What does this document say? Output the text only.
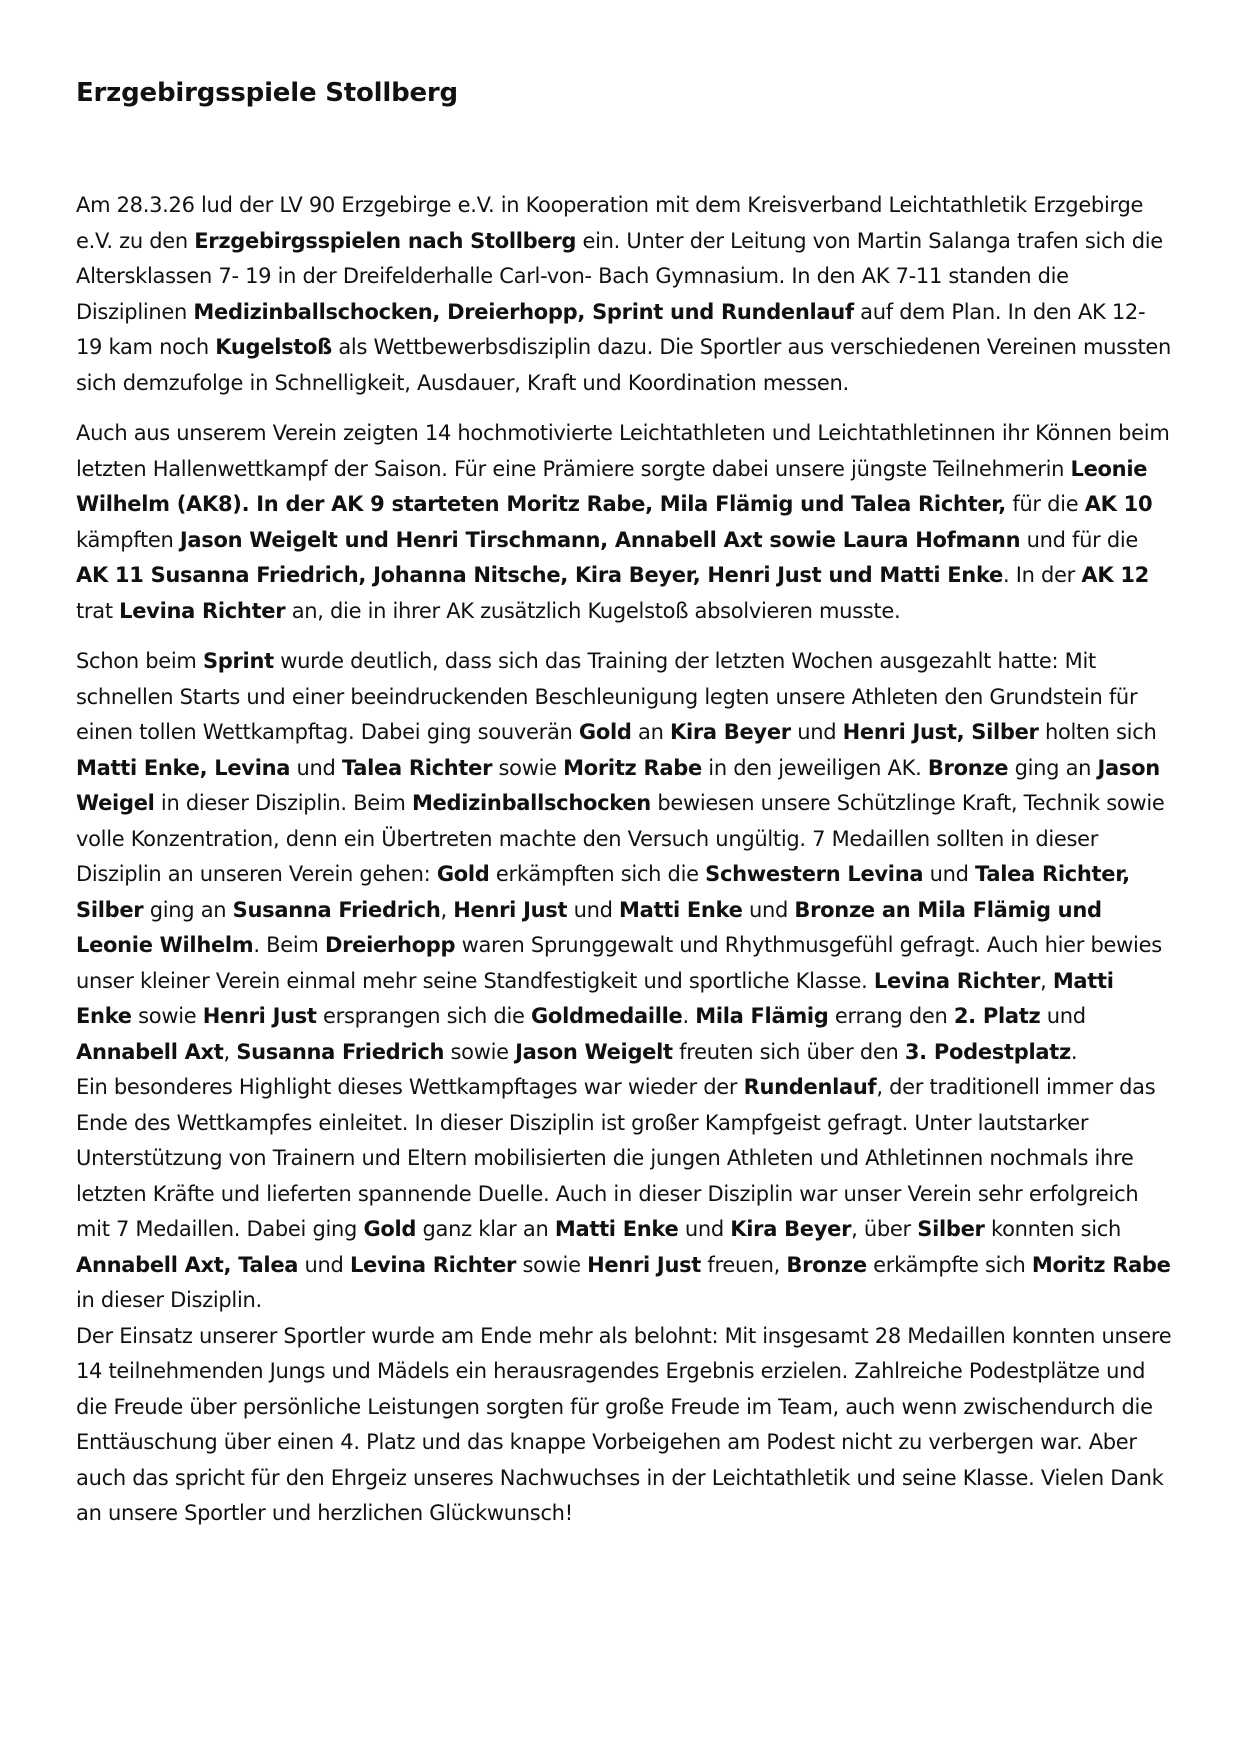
Erzgebirgsspiele Stollberg

Am 28.3.26 lud der LV 90 Erzgebirge e.V. in Kooperation mit dem Kreisverband Leichtathletik Erzgebirge e.V. zu den Erzgebirgsspielen nach Stollberg ein. Unter der Leitung von Martin Salanga trafen sich die Altersklassen 7- 19 in der Dreifelderhalle Carl-von- Bach Gymnasium. In den AK 7-11 standen die Disziplinen Medizinballschocken, Dreierhopp, Sprint und Rundenlauf auf dem Plan. In den AK 12- 19 kam noch Kugelstoß als Wettbewerbsdisziplin dazu. Die Sportler aus verschiedenen Vereinen mussten sich demzufolge in Schnelligkeit, Ausdauer, Kraft und Koordination messen.

Auch aus unserem Verein zeigten 14 hochmotivierte Leichtathleten und Leichtathletinnen ihr Können beim letzten Hallenwettkampf der Saison. Für eine Prämiere sorgte dabei unsere jüngste Teilnehmerin Leonie Wilhelm (AK8). In der AK 9 starteten Moritz Rabe, Mila Flämig und Talea Richter, für die AK 10 kämpften Jason Weigelt und Henri Tirschmann, Annabell Axt sowie Laura Hofmann und für die AK 11 Susanna Friedrich, Johanna Nitsche, Kira Beyer, Henri Just und Matti Enke. In der AK 12 trat Levina Richter an, die in ihrer AK zusätzlich Kugelstoß absolvieren musste.

Schon beim Sprint wurde deutlich, dass sich das Training der letzten Wochen ausgezahlt hatte: Mit schnellen Starts und einer beeindruckenden Beschleunigung legten unsere Athleten den Grundstein für einen tollen Wettkampftag. Dabei ging souverän Gold an Kira Beyer und Henri Just, Silber holten sich Matti Enke, Levina und Talea Richter sowie Moritz Rabe in den jeweiligen AK. Bronze ging an Jason Weigel in dieser Disziplin. Beim Medizinballschocken bewiesen unsere Schützlinge Kraft, Technik sowie volle Konzentration, denn ein Übertreten machte den Versuch ungültig. 7 Medaillen sollten in dieser Disziplin an unseren Verein gehen: Gold erkämpften sich die Schwestern Levina und Talea Richter, Silber ging an Susanna Friedrich, Henri Just und Matti Enke und Bronze an Mila Flämig und Leonie Wilhelm. Beim Dreierhopp waren Sprunggewalt und Rhythmusgefühl gefragt. Auch hier bewies unser kleiner Verein einmal mehr seine Standfestigkeit und sportliche Klasse. Levina Richter, Matti Enke sowie Henri Just ersprangen sich die Goldmedaille. Mila Flämig errang den 2. Platz und Annabell Axt, Susanna Friedrich sowie Jason Weigelt freuten sich über den 3. Podestplatz.

Ein besonderes Highlight dieses Wettkampftages war wieder der Rundenlauf, der traditionell immer das Ende des Wettkampfes einleitet. In dieser Disziplin ist großer Kampfgeist gefragt. Unter lautstarker Unterstützung von Trainern und Eltern mobilisierten die jungen Athleten und Athletinnen nochmals ihre letzten Kräfte und lieferten spannende Duelle. Auch in dieser Disziplin war unser Verein sehr erfolgreich mit 7 Medaillen. Dabei ging Gold ganz klar an Matti Enke und Kira Beyer, über Silber konnten sich Annabell Axt, Talea und Levina Richter sowie Henri Just freuen, Bronze erkämpfte sich Moritz Rabe in dieser Disziplin.

Der Einsatz unserer Sportler wurde am Ende mehr als belohnt: Mit insgesamt 28 Medaillen konnten unsere 14 teilnehmenden Jungs und Mädels ein herausragendes Ergebnis erzielen. Zahlreiche Podestplätze und die Freude über persönliche Leistungen sorgten für große Freude im Team, auch wenn zwischendurch die Enttäuschung über einen 4. Platz und das knappe Vorbeigehen am Podest nicht zu verbergen war. Aber auch das spricht für den Ehrgeiz unseres Nachwuchses in der Leichtathletik und seine Klasse. Vielen Dank an unsere Sportler und herzlichen Glückwunsch!
